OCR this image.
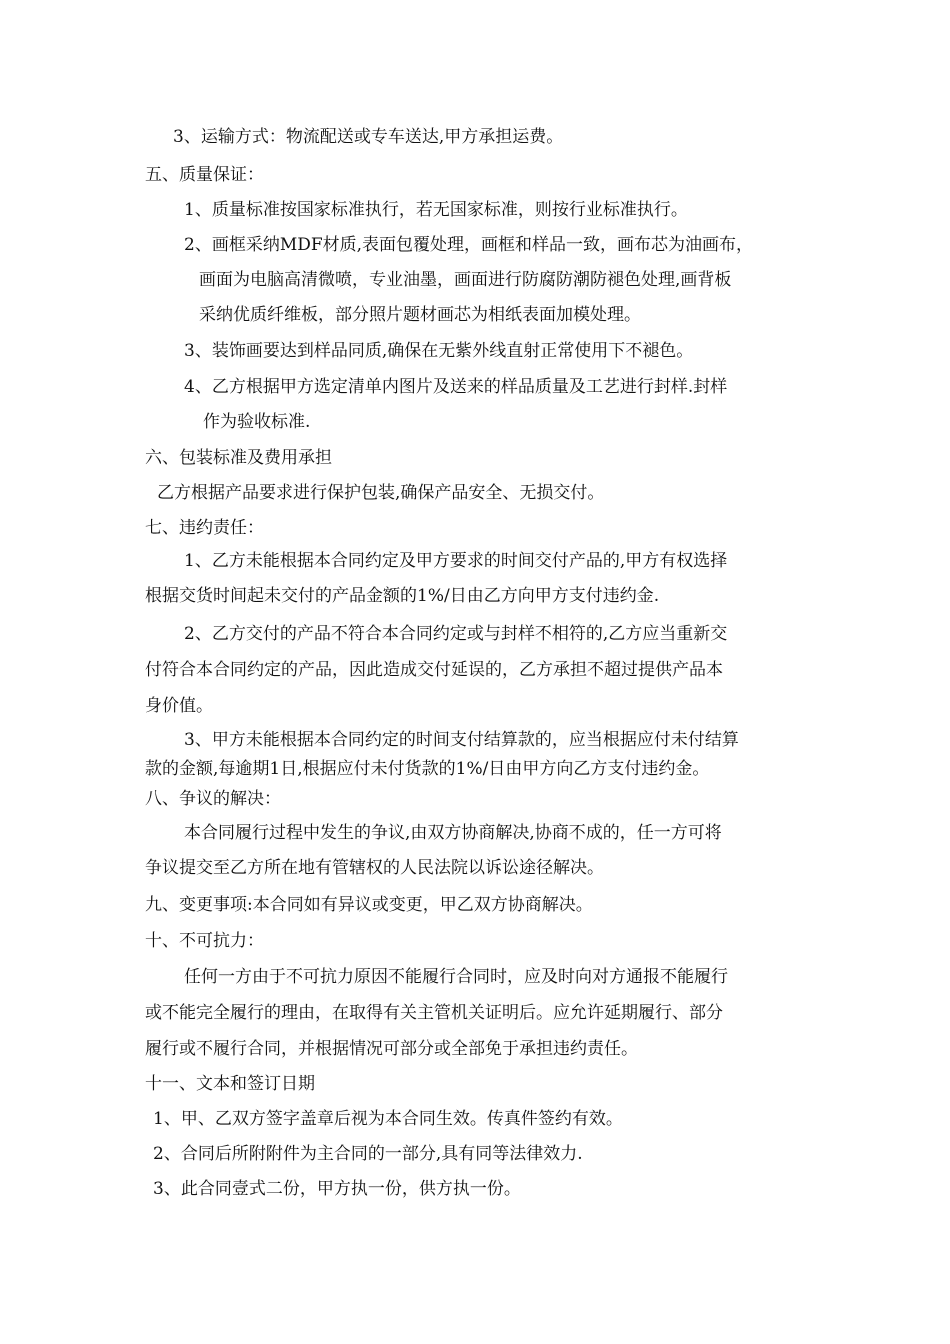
3、运输方式：物流配送或专车送达,甲方承担运费。
五、质量保证：
1、质量标准按国家标准执行，若无国家标准，则按行业标准执行。
2、画框采纳MDF材质,表面包覆处理，画框和样品一致，画布芯为油画布，
画面为电脑高清微喷，专业油墨，画面进行防腐防潮防褪色处理,画背板
采纳优质纤维板，部分照片题材画芯为相纸表面加模处理。
3、装饰画要达到样品同质,确保在无紫外线直射正常使用下不褪色。
4、乙方根据甲方选定清单内图片及送来的样品质量及工艺进行封样.封样
作为验收标准.
六、包装标准及费用承担
乙方根据产品要求进行保护包装,确保产品安全、无损交付。
七、违约责任：
1、乙方未能根据本合同约定及甲方要求的时间交付产品的,甲方有权选择
根据交货时间起未交付的产品金额的1%/日由乙方向甲方支付违约金.
2、乙方交付的产品不符合本合同约定或与封样不相符的,乙方应当重新交
付符合本合同约定的产品，因此造成交付延误的，乙方承担不超过提供产品本
身价值。
3、甲方未能根据本合同约定的时间支付结算款的，应当根据应付未付结算
款的金额,每逾期1日,根据应付未付货款的1%/日由甲方向乙方支付违约金。
八、争议的解决：
本合同履行过程中发生的争议,由双方协商解决,协商不成的，任一方可将
争议提交至乙方所在地有管辖权的人民法院以诉讼途径解决。
九、变更事项:本合同如有异议或变更，甲乙双方协商解决。
十、不可抗力：
任何一方由于不可抗力原因不能履行合同时，应及时向对方通报不能履行
或不能完全履行的理由，在取得有关主管机关证明后。应允许延期履行、部分
履行或不履行合同，并根据情况可部分或全部免于承担违约责任。
十一、文本和签订日期
1、甲、乙双方签字盖章后视为本合同生效。传真件签约有效。
2、合同后所附附件为主合同的一部分,具有同等法律效力.
3、此合同壹式二份，甲方执一份，供方执一份。
